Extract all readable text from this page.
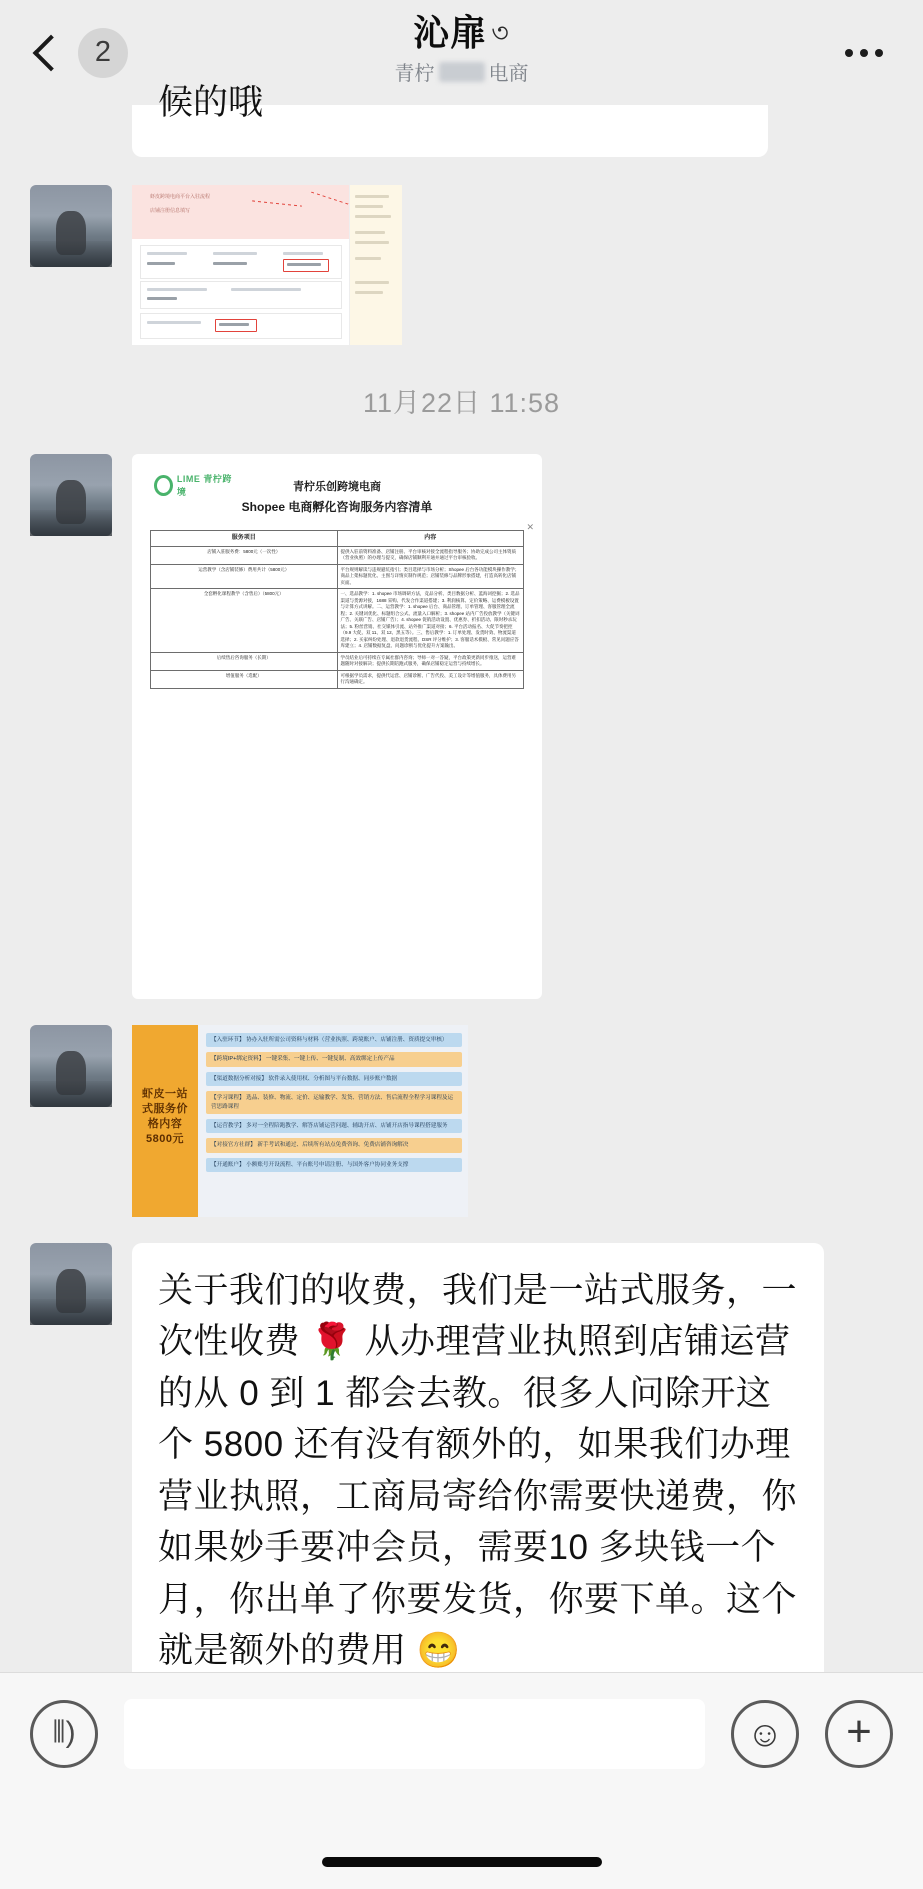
2	沁扉 ৩
青柠	电商
候的哦
虾皮跨境电商平台入驻流程
店铺注册信息填写
11月22日 11:58
LIME 青柠跨境	青柠乐创跨境电商
Shopee 电商孵化咨询服务内容清单
✕
服务项目	内容
店铺入驻服务费：5800元（一次性）	提供入驻前资料准备、店铺注册、平台审核对接全流程指导服务；协助完成公司主体资质（营业执照）的办理与提交，确保店铺顺利开通并通过平台审核验收。
运营教学（含店铺装修）费用共计（5800元）	平台规则解读与违规避坑指引；类目选择与市场分析；Shopee 后台各功能模块操作教学；商品上架标题优化、主图与详情页制作规范；店铺装修与品牌形象搭建，打造高转化店铺页面。
全套孵化课程教学（含售后）（5800元）	一、选品教学：1. shopee 市场调研方法，竞品分析、类目数据分析、蓝海词挖掘；2. 选品渠道与货源对接，1688 采购、代发合作渠道搭建；3. 利润核算、定价策略、运费模板设置与计算方式讲解。二、运营教学：1. shopee 后台、商品管理、订单管理、客服管理全流程；2. 关键词优化、标题组合公式、流量入口解析；3. shopee 站内广告投放教学（关键词广告、关联广告、店铺广告）；4. shopee 促销活动设置、优惠券、折扣活动、限时秒杀玩法；5. 粉丝营销、社交媒体引流、站外推广渠道对接；6. 平台活动报名、大促节奏把控（9.9 大促、双 11、双 12、黑五等）。三、售后教学：1. 订单处理、发货时效、物流渠道选择；2. 买家纠纷处理、退款退货流程、DSR 评分维护；3. 客服话术模板、常见问题应答库建立；4. 店铺数据复盘、问题诊断与优化提升方案输出。
后续售后咨询服务（长期）	学员结业后可持续在专属社群内咨询；导师一对一答疑，平台政策更新同步推送，运营难题随时对接解决；提供长期陪跑式服务，确保店铺稳定运营与持续增长。
增值服务（选配）	可根据学员需求，提供代运营、店铺诊断、广告代投、美工设计等增值服务，具体费用另行沟通确定。
虾皮一站式服务价格内容 5800元
【入驻环节】 协办入驻所需公司资料与材料（营业执照、跨境账户、店铺注册、资质提交审核）
【跨境IP+绑定资料】 一键采集、一键上传、一键复制、高效绑定上传产品
【渠道数据分析对接】 软件录入使用权、分析图与平台数据、同步账户数据
【学习课程】 选品、装修、物流、定价、运输教学、发货、营销方法、售后流程全程学习课程及运营思路课程
【运营教学】 多对一全程陪跑教学、解答店铺运营问题、辅助开店、店铺开店指导课程搭建服务
【对接官方社群】 新手考试和通过、后续所有站点免费咨询、免费店铺咨询解决
【开通账户】 小额账号开设流程、平台账号申请注册、与国外客户协同业务支撑
关于我们的收费，我们是一站式服务，一次性收费 🌹 从办理营业执照到店铺运营的从 0 到 1 都会去教。很多人问除开这个 5800 还有没有额外的，如果我们办理营业执照，工商局寄给你需要快递费，你如果妙手要冲会员，需要10 多块钱一个月，你出单了你要发货，你要下单。这个就是额外的费用 😁
⦀)	☺ +
